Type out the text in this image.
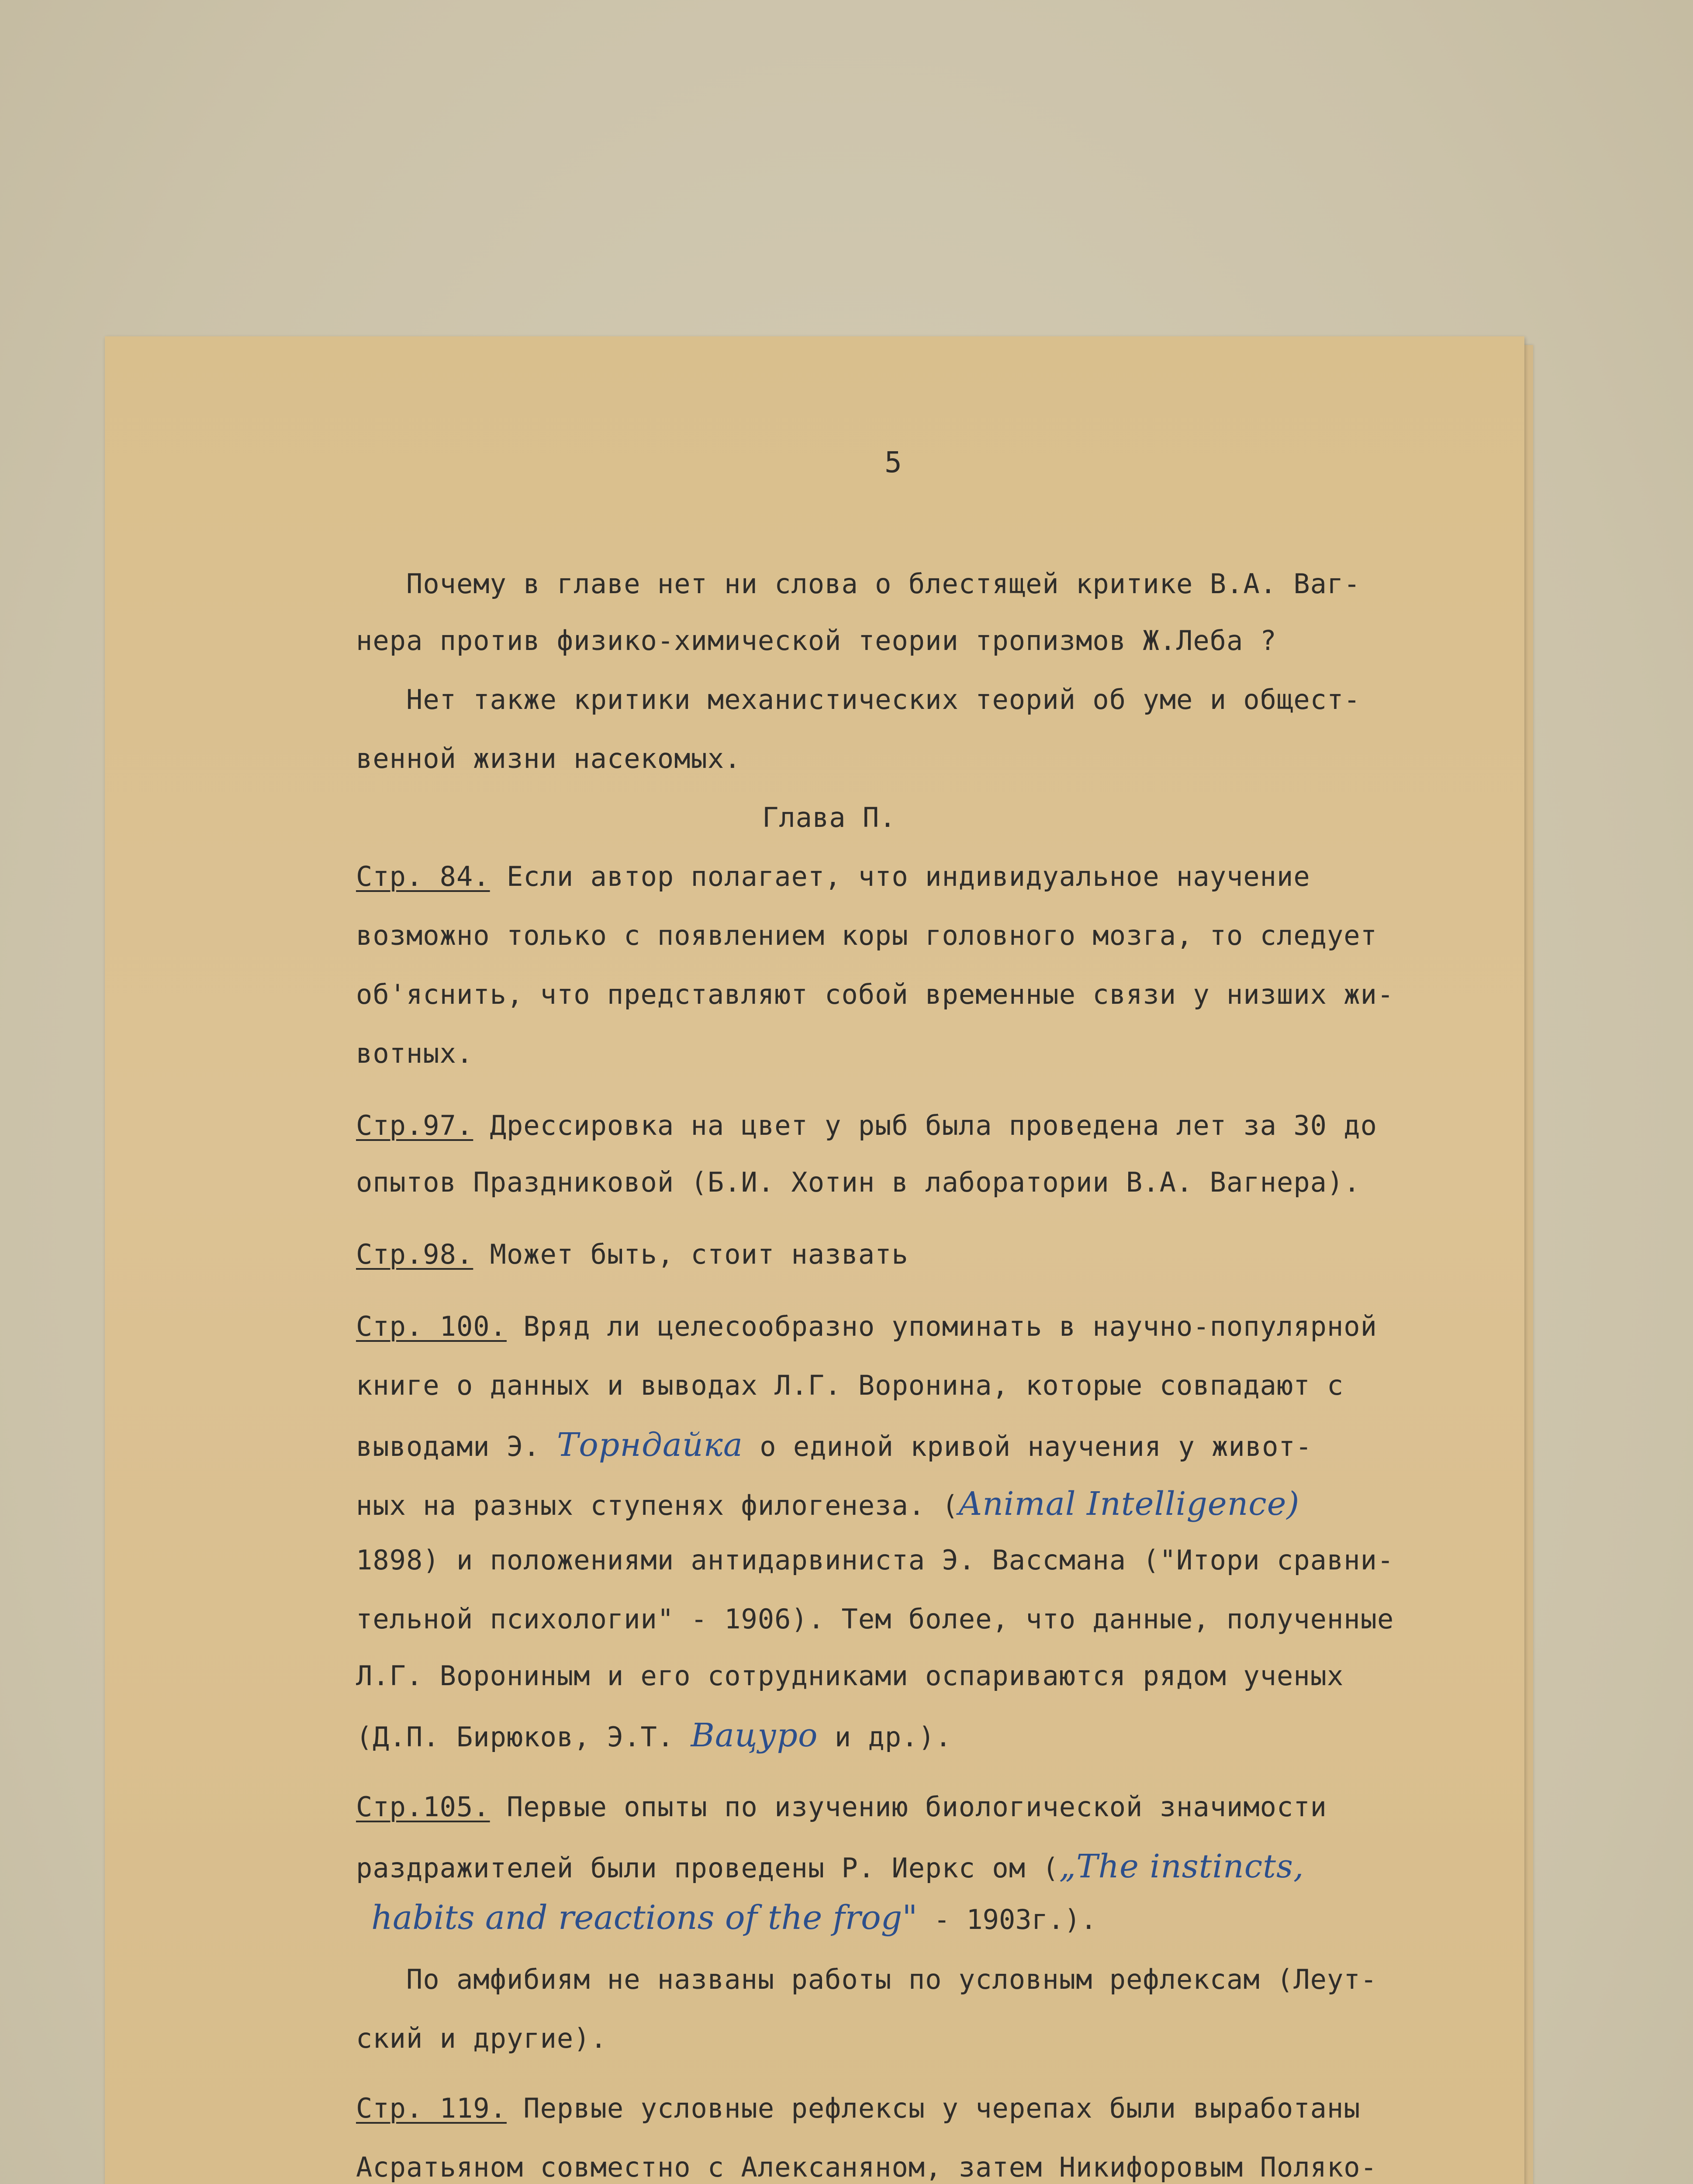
5
Почему в главе нет ни слова о блестящей критике В.А. Ваг-
нера против физико-химической теории тропизмов Ж.Леба ?
Нет также критики механистических теорий об уме и общест-
венной жизни насекомых.
Глава П.
Стр. 84. Если автор полагает, что индивидуальное научение
возможно только с появлением коры головного мозга, то следует
об'яснить, что представляют собой временные связи у низших жи-
вотных.
Стр.97. Дрессировка на цвет у рыб была проведена лет за 30 до
опытов Праздниковой (Б.И. Хотин в лаборатории В.А. Вагнера).
Стр.98. Может быть, стоит назвать
Стр. 100. Вряд ли целесообразно упоминать в научно-популярной
книге о данных и выводах Л.Г. Воронина, которые совпадают с
выводами Э. Торндайка о единой кривой научения у живот-
ных на разных ступенях филогенеза. (Animal Intelligence)
1898) и положениями антидарвиниста Э. Вассмана ("Итори сравни-
тельной психологии" - 1906). Тем более, что данные, полученные
Л.Г. Ворониным и его сотрудниками оспариваются рядом ученых
(Д.П. Бирюков, Э.Т. Вацуро и др.).
Стр.105. Первые опыты по изучению биологической значимости
раздражителей были проведены Р. Иеркс ом („The instincts,
habits and reactions of the frog" - 1903г.).
По амфибиям не названы работы по условным рефлексам (Леут-
ский и другие).
Стр. 119. Первые условные рефлексы у черепах были выработаны
Асратьяном совместно с Алексаняном, затем Никифоровым Поляко-
